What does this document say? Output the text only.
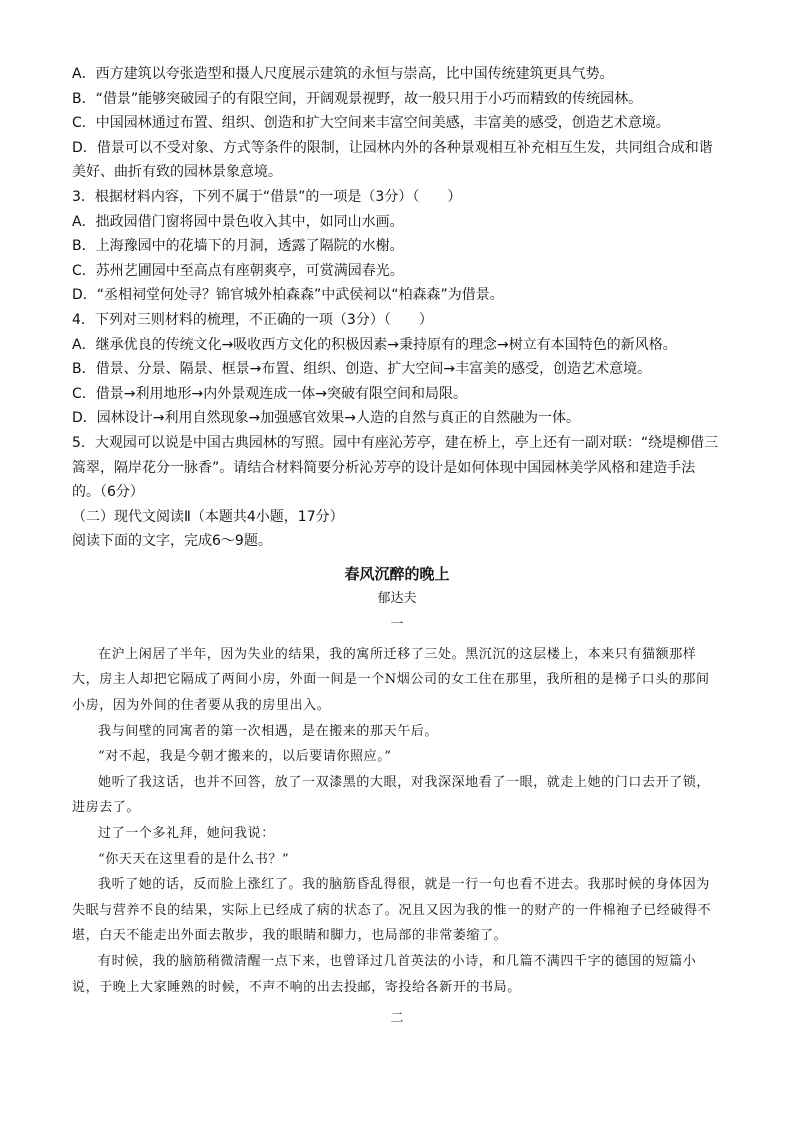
A．西方建筑以夸张造型和摄人尺度展示建筑的永恒与崇高，比中国传统建筑更具气势。

B．“借景”能够突破园子的有限空间，开阔观景视野，故一般只用于小巧而精致的传统园林。

C．中国园林通过布置、组织、创造和扩大空间来丰富空间美感，丰富美的感受，创造艺术意境。

D．借景可以不受对象、方式等条件的限制，让园林内外的各种景观相互补充相互生发，共同组合成和谐美好、曲折有致的园林景象意境。

3．根据材料内容，下列不属于“借景”的一项是（3分）（　　）

A．拙政园借门窗将园中景色收入其中，如同山水画。

B．上海豫园中的花墙下的月洞，透露了隔院的水榭。

C．苏州艺圃园中至高点有座朝爽亭，可赏满园春光。

D．“丞相祠堂何处寻？锦官城外柏森森”中武侯祠以“柏森森”为借景。

4．下列对三则材料的梳理，不正确的一项（3分）（　　）

A．继承优良的传统文化→吸收西方文化的积极因素→秉持原有的理念→树立有本国特色的新风格。

B．借景、分景、隔景、框景→布置、组织、创造、扩大空间→丰富美的感受，创造艺术意境。

C．借景→利用地形→内外景观连成一体→突破有限空间和局限。

D．园林设计→利用自然现象→加强感官效果→人造的自然与真正的自然融为一体。

5．大观园可以说是中国古典园林的写照。园中有座沁芳亭，建在桥上，亭上还有一副对联：“绕堤柳借三篙翠，隔岸花分一脉香”。请结合材料简要分析沁芳亭的设计是如何体现中国园林美学风格和建造手法的。（6分）

（二）现代文阅读Ⅱ（本题共4小题，17分）

阅读下面的文字，完成6～9题。

春风沉醉的晚上
郁达夫
一

在沪上闲居了半年，因为失业的结果，我的寓所迁移了三处。黑沉沉的这层楼上，本来只有猫额那样大，房主人却把它隔成了两间小房，外面一间是一个N烟公司的女工住在那里，我所租的是梯子口头的那间小房，因为外间的住者要从我的房里出入。

我与间壁的同寓者的第一次相遇，是在搬来的那天午后。

“对不起，我是今朝才搬来的，以后要请你照应。”

她听了我这话，也并不回答，放了一双漆黑的大眼，对我深深地看了一眼，就走上她的门口去开了锁，进房去了。

过了一个多礼拜，她问我说：

“你天天在这里看的是什么书？”

我听了她的话，反而脸上涨红了。我的脑筋昏乱得很，就是一行一句也看不进去。我那时候的身体因为失眠与营养不良的结果，实际上已经成了病的状态了。况且又因为我的惟一的财产的一件棉袍子已经破得不堪，白天不能走出外面去散步，我的眼睛和脚力，也局部的非常萎缩了。

有时候，我的脑筋稍微清醒一点下来，也曾译过几首英法的小诗，和几篇不满四千字的德国的短篇小说，于晚上大家睡熟的时候，不声不响的出去投邮，寄投给各新开的书局。

二
